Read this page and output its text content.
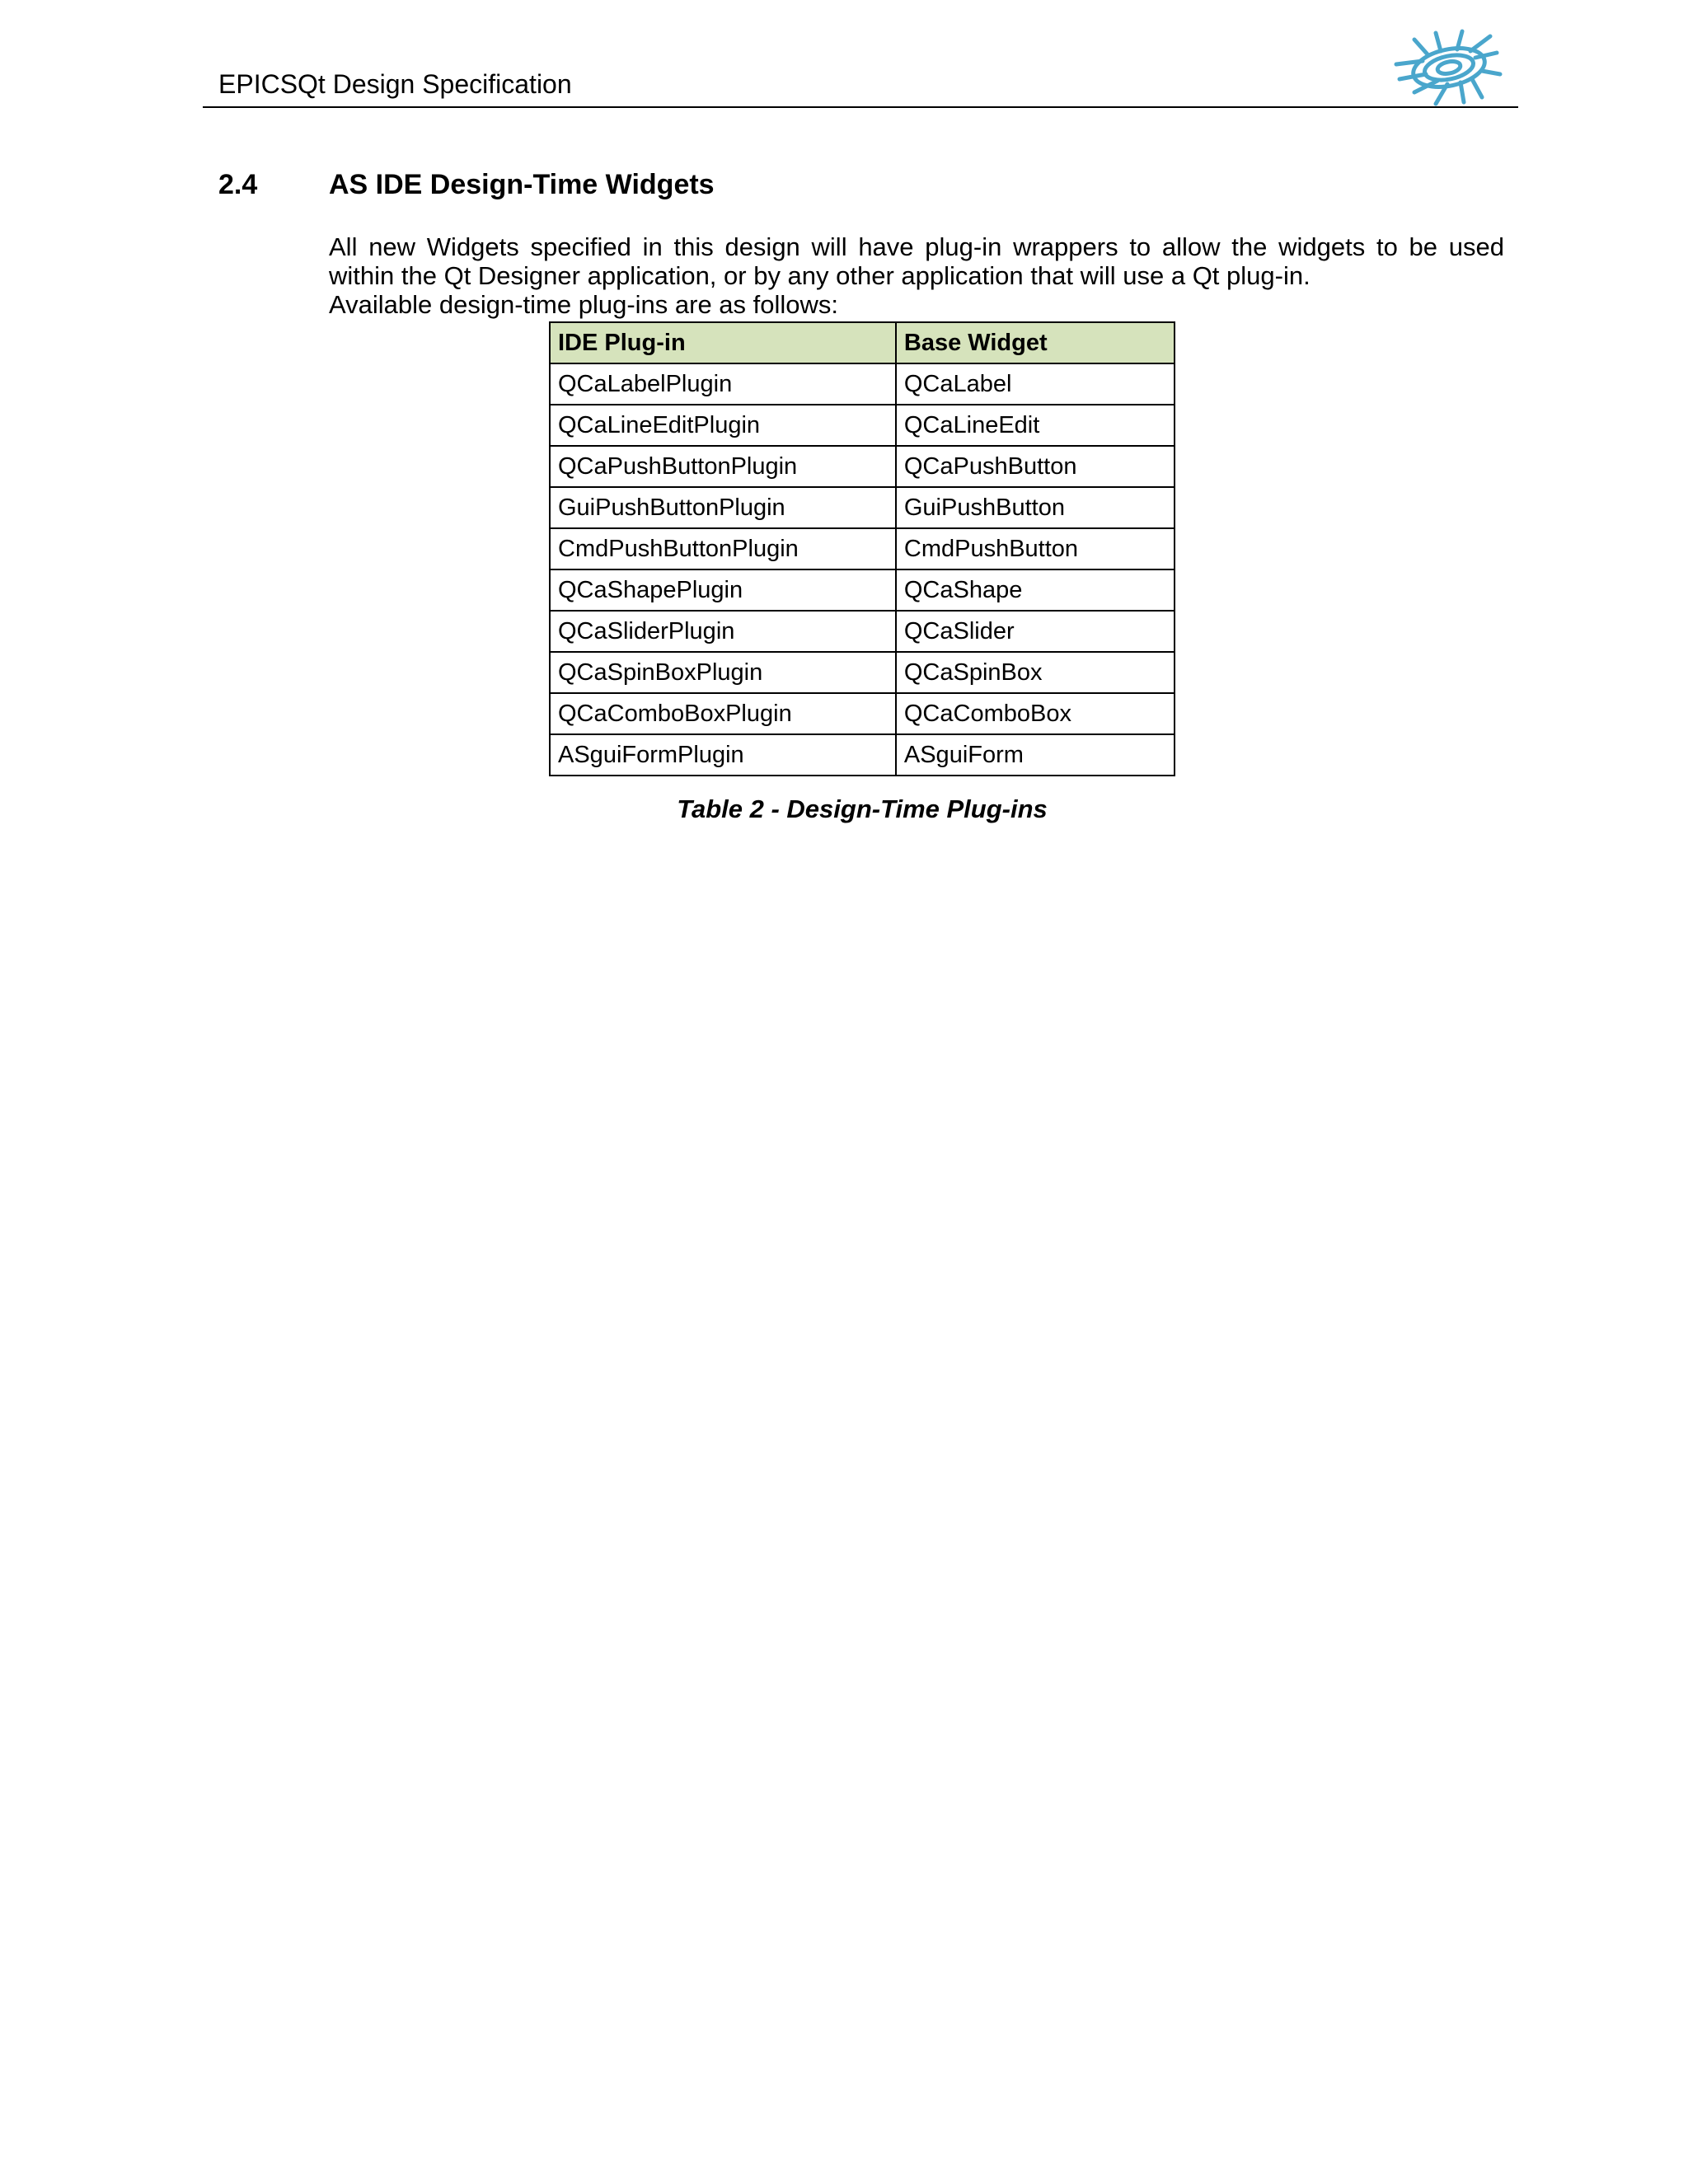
EPICSQt Design Specification
2.4	AS IDE Design-Time Widgets

All new Widgets specified in this design will have plug-in wrappers to allow the widgets to be used within the Qt Designer application, or by any other application that will use a Qt plug-in.

Available design-time plug-ins are as follows:

IDE Plug-in	Base Widget
QCaLabelPlugin	QCaLabel
QCaLineEditPlugin	QCaLineEdit
QCaPushButtonPlugin	QCaPushButton
GuiPushButtonPlugin	GuiPushButton
CmdPushButtonPlugin	CmdPushButton
QCaShapePlugin	QCaShape
QCaSliderPlugin	QCaSlider
QCaSpinBoxPlugin	QCaSpinBox
QCaComboBoxPlugin	QCaComboBox
ASguiFormPlugin	ASguiForm
Table 2 - Design-Time Plug-ins
